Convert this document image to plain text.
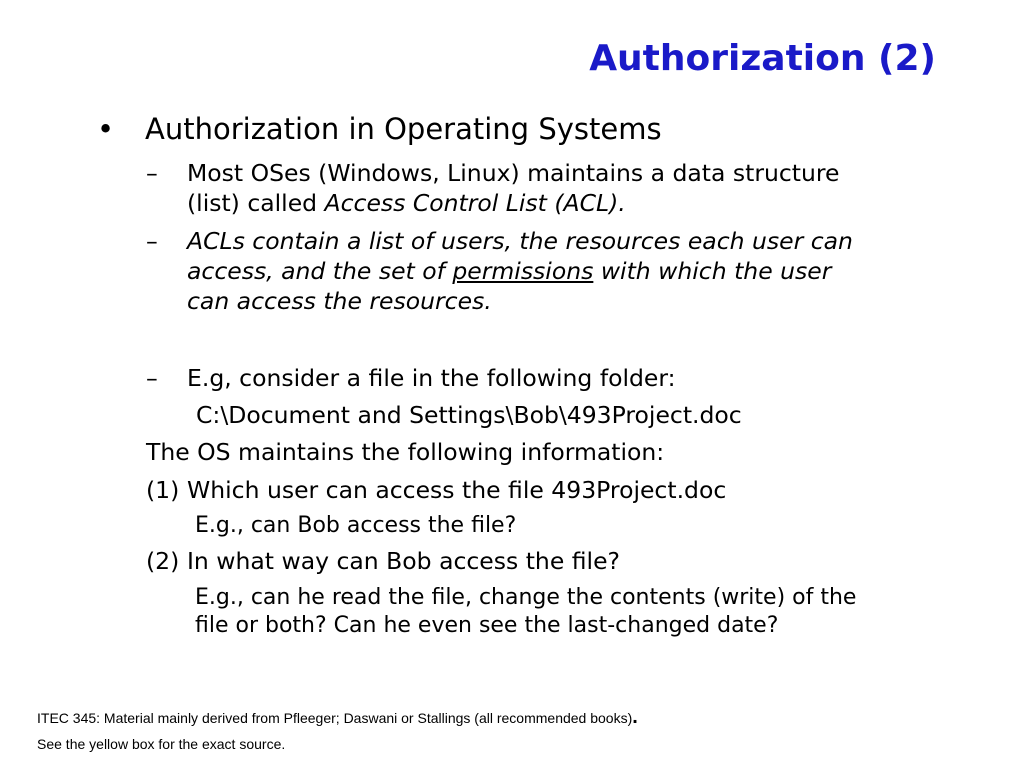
Authorization (2)
• Authorization in Operating Systems
– Most OSes (Windows, Linux) maintains a data structure
(list) called Access Control List (ACL).
– ACLs contain a list of users, the resources each user can
access, and the set of permissions with which the user
can access the resources.
– E.g, consider a file in the following folder:
C:\Document and Settings\Bob\493Project.doc
The OS maintains the following information:
(1) Which user can access the file 493Project.doc
E.g., can Bob access the file?
(2) In what way can Bob access the file?
E.g., can he read the file, change the contents (write) of the
file or both? Can he even see the last-changed date?
ITEC 345: Material mainly derived from Pfleeger; Daswani or Stallings (all recommended books).
See the yellow box for the exact source.
